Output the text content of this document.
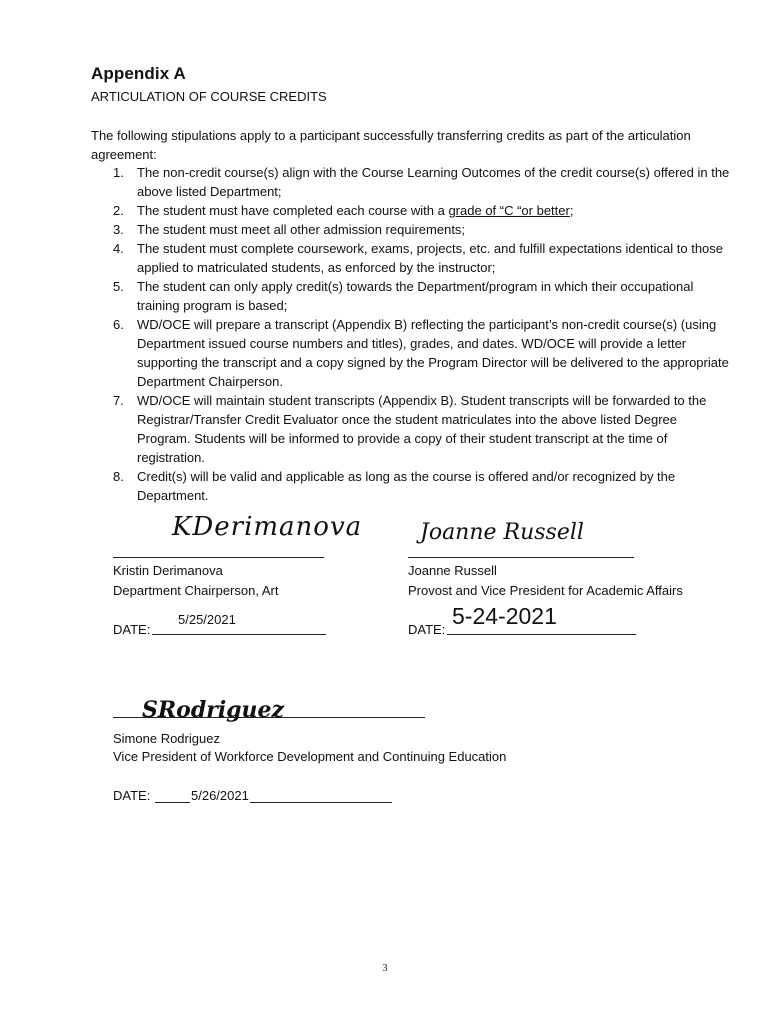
Appendix A
ARTICULATION OF COURSE CREDITS
The following stipulations apply to a participant successfully transferring credits as part of the articulation agreement:
1. The non-credit course(s) align with the Course Learning Outcomes of the credit course(s) offered in the above listed Department;
2. The student must have completed each course with a grade of “C “or better;
3. The student must meet all other admission requirements;
4. The student must complete coursework, exams, projects, etc. and fulfill expectations identical to those applied to matriculated students, as enforced by the instructor;
5. The student can only apply credit(s) towards the Department/program in which their occupational training program is based;
6. WD/OCE will prepare a transcript (Appendix B) reflecting the participant’s non-credit course(s) (using Department issued course numbers and titles), grades, and dates. WD/OCE will provide a letter supporting the transcript and a copy signed by the Program Director will be delivered to the appropriate Department Chairperson.
7. WD/OCE will maintain student transcripts (Appendix B). Student transcripts will be forwarded to the Registrar/Transfer Credit Evaluator once the student matriculates into the above listed Degree Program. Students will be informed to provide a copy of their student transcript at the time of registration.
8. Credit(s) will be valid and applicable as long as the course is offered and/or recognized by the Department.
KDerimanova
Kristin Derimanova
Department Chairperson, Art
DATE:
5/25/2021
Joanne Russell
Joanne Russell
Provost and Vice President for Academic Affairs
DATE:
5-24-2021
SRodriguez
Simone Rodriguez
Vice President of Workforce Development and Continuing Education
DATE:	5/26/2021
3
